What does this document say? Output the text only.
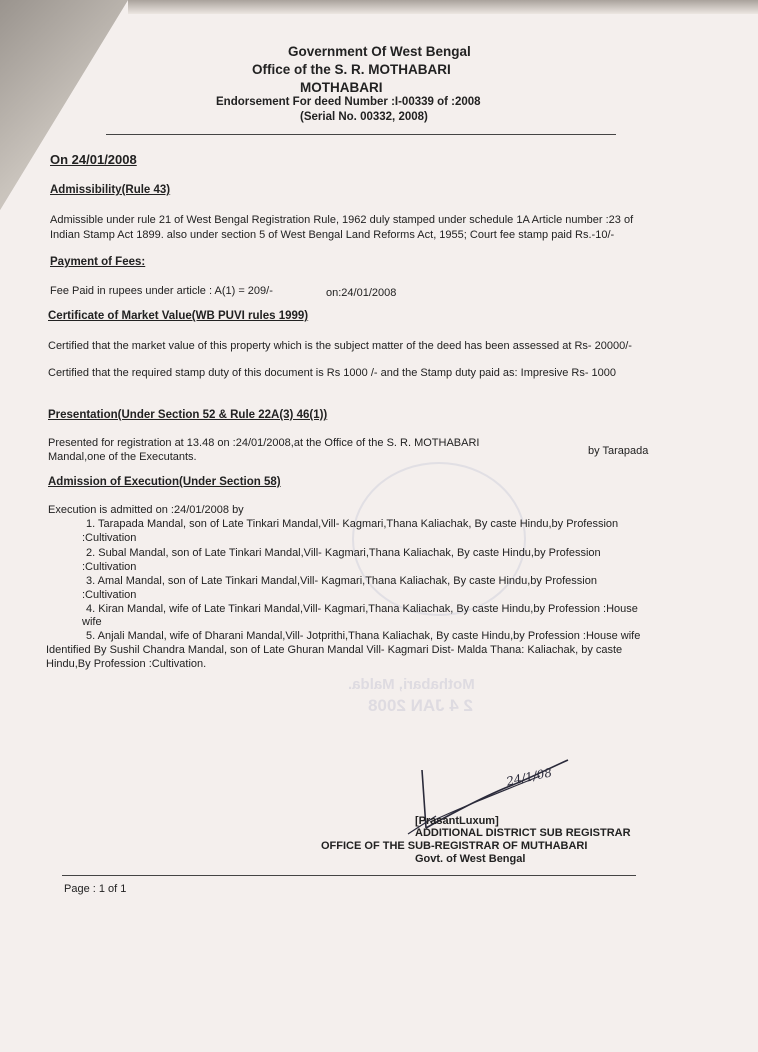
Mothabari, Malda.
2 4 JAN 2008
Government Of West Bengal
Office of the S. R. MOTHABARI
MOTHABARI
Endorsement For deed Number :I-00339 of :2008
(Serial No. 00332, 2008)
On 24/01/2008
Admissibility(Rule 43)
Admissible under rule 21 of West Bengal Registration Rule, 1962 duly stamped under schedule 1A Article number :23 of
Indian Stamp Act 1899. also under section 5 of West Bengal Land Reforms Act, 1955; Court fee stamp paid Rs.-10/-
Payment of Fees:
Fee Paid in rupees under article : A(1) = 209/-	on:24/01/2008
Certificate of Market Value(WB PUVI rules 1999)
Certified that the market value of this property which is the subject matter of the deed has been assessed at Rs- 20000/-
Certified that the required stamp duty of this document is Rs 1000 /- and the Stamp duty paid as: Impresive Rs- 1000
Presentation(Under Section 52 & Rule 22A(3) 46(1))
Presented for registration at 13.48 on :24/01/2008,at the Office of the S. R. MOTHABARI
by Tarapada
Mandal,one of the Executants.
Admission of Execution(Under Section 58)
Execution is admitted on :24/01/2008 by
1. Tarapada Mandal, son of Late Tinkari Mandal,Vill- Kagmari,Thana Kaliachak, By caste Hindu,by Profession
:Cultivation
2. Subal Mandal, son of Late Tinkari Mandal,Vill- Kagmari,Thana Kaliachak, By caste Hindu,by Profession
:Cultivation
3. Amal Mandal, son of Late Tinkari Mandal,Vill- Kagmari,Thana Kaliachak, By caste Hindu,by Profession
:Cultivation
4. Kiran Mandal, wife of Late Tinkari Mandal,Vill- Kagmari,Thana Kaliachak, By caste Hindu,by Profession :House
wife
5. Anjali Mandal, wife of Dharani Mandal,Vill- Jotprithi,Thana Kaliachak, By caste Hindu,by Profession :House wife
Identified By Sushil Chandra Mandal, son of Late Ghuran Mandal Vill- Kagmari Dist- Malda Thana: Kaliachak, by caste
Hindu,By Profession :Cultivation.
24/1/08
[PrasantLuxum]
ADDITIONAL DISTRICT SUB REGISTRAR
OFFICE OF THE SUB-REGISTRAR OF MUTHABARI
Govt. of West Bengal
Page : 1 of 1
